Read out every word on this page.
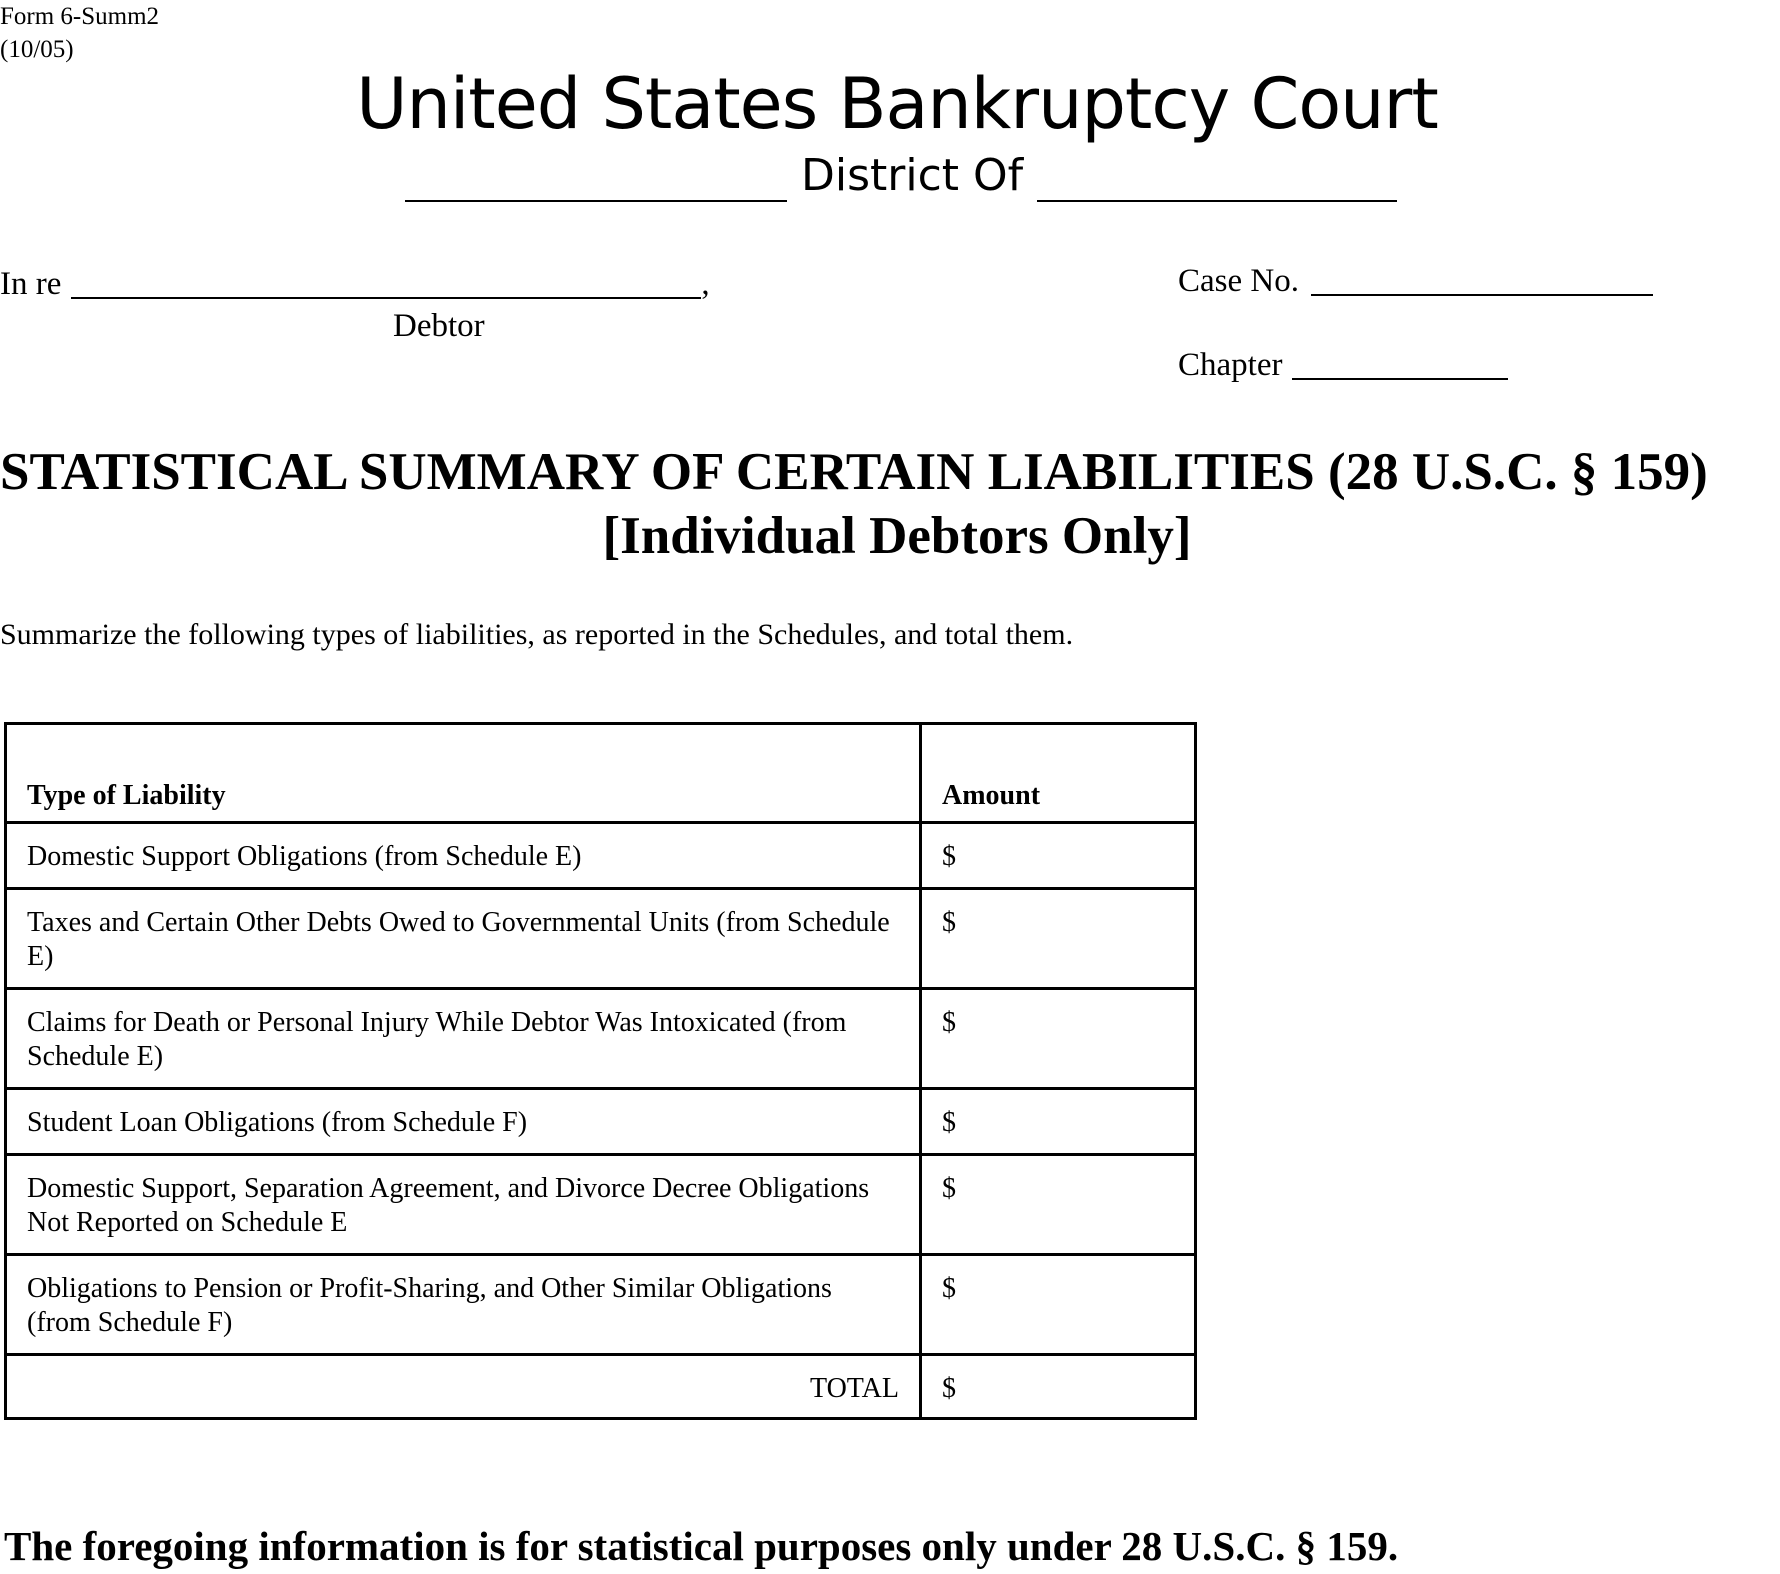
Form 6-Summ2
(10/05)
United States Bankruptcy Court
District Of
In re	,
Debtor
Case No.
Chapter
STATISTICAL SUMMARY OF CERTAIN LIABILITIES (28 U.S.C. § 159)
[Individual Debtors Only]
Summarize the following types of liabilities, as reported in the Schedules, and total them.
Type of Liability	Amount

Domestic Support Obligations (from Schedule E)	$

Taxes and Certain Other Debts Owed to Governmental Units (from Schedule E)	$

Claims for Death or Personal Injury While Debtor Was Intoxicated (from Schedule E)	$

Student Loan Obligations (from Schedule F)	$

Domestic Support, Separation Agreement, and Divorce Decree Obligations Not Reported on Schedule E	$

Obligations to Pension or Profit-Sharing, and Other Similar Obligations (from Schedule F)	$

TOTAL	$
The foregoing information is for statistical purposes only under 28 U.S.C. § 159.
